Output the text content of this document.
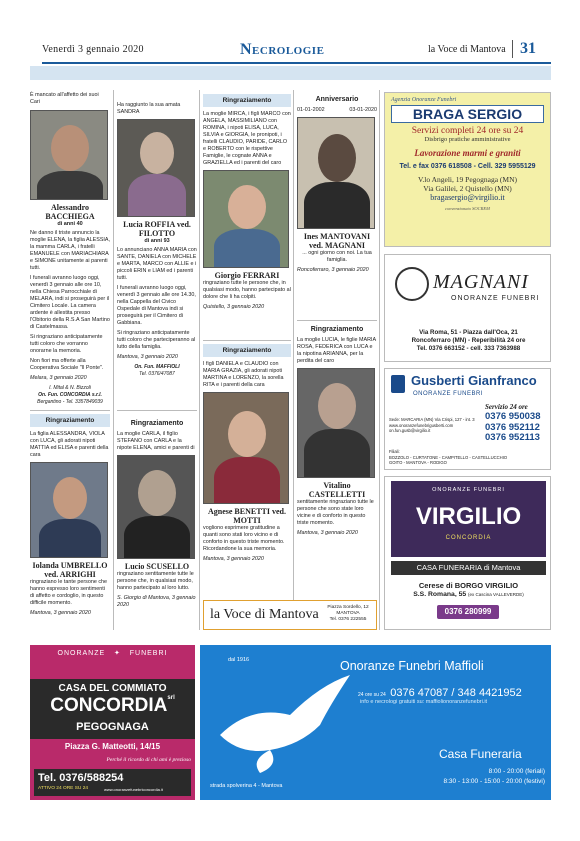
Venerdì 3 gennaio 2020	Necrologie	la Voce di Mantova 31

È mancato all'affetto dei suoi Cari

Alessandro BACCHIEGA
di anni 40

Ne danno il triste annuncio la moglie ELENA, la figlia ALESSIA, la mamma CARLA, i fratelli EMANUELE con MARIACHIARA e SIMONE unitamente ai parenti tutti.

I funerali avranno luogo oggi, venerdì 3 gennaio alle ore 10, nella Chiesa Parrocchiale di MELARA, indi si proseguirà per il Cimitero Locale. La camera ardente è allestita presso l'Obitorio della R.S.A San Martino di Castelmassa.

Si ringraziano anticipatamente tutti coloro che vorranno onorarne la memoria.

Non fiori ma offerte alla Cooperativa Sociale "Il Ponte".

Melara, 3 gennaio 2020

I. Mital & N. Bizzoli
On. Fun. CONCORDIA s.r.l.
Bergantino - Tel. 3357849039
Ringraziamento

La figlia ALESSANDRA, VIOLA con LUCA, gli adorati nipoti MATTIA ed ELISA e parenti della cara

Iolanda UMBRELLO ved. ARRIGHI

ringraziano le tante persone che hanno espresso loro sentimenti di affetto e cordoglio, in questo difficile momento.

Mantova, 3 gennaio 2020

Ha raggiunto la sua amata SANDRA

Lucia ROFFIA ved. FILOTTO
di anni 93

Lo annunciano ANNA MARIA con SANTE, DANIELA con MICHELE e MARTA, MARCO con ALLIE e i piccoli ERIN e LIAM ed i parenti tutti.

I funerali avranno luogo oggi, venerdì 3 gennaio alle ore 14.30, nella Cappella del Civico Ospedale di Mantova indi si proseguirà per il Cimitero di Gabbiana.

Si ringraziano anticipatamente tutti coloro che parteciperanno al lutto della famiglia.

Mantova, 3 gennaio 2020

On. Fun. MAFFIOLI
Tel. 0376/47087
Ringraziamento

La moglie CARLA, il figlio STEFANO con CARLA e la nipote ELENA, amici e parenti di

Lucio SCUSELLO

ringraziano sentitamente tutte le persone che, in qualsiasi modo, hanno partecipato al loro lutto.

S. Giorgio di Mantova, 3 gennaio 2020

Ringraziamento

La moglie MIRCA, i figli MARCO con ANGELA, MASSIMILIANO con ROMINA, i nipoti ELISA, LUCA, SILVIA e GIORGIA, le pronipoti, i fratelli CLAUDIO, PARIDE, CARLO e ROBERTO con le rispettive Famiglie, le cognate ANNA e GRAZIELLA ed i parenti del caro

Giorgio FERRARI

ringraziano tutte le persone che, in qualsiasi modo, hanno partecipato al dolore che li ha colpiti.

Quistello, 3 gennaio 2020

Ringraziamento

I figli DANIELA e CLAUDIO con MARIA GRAZIA, gli adorati nipoti MARTINA e LORENZO, la sorella RITA e i parenti della cara

Agnese BENETTI ved. MOTTI

vogliono esprimere gratitudine a quanti sono stati loro vicino e di conforto in questo triste momento. Ricordandone la sua memoria.

Mantova, 3 gennaio 2020

Anniversario
01-01-2002	03-01-2020
Ines MANTOVANI ved. MAGNANI

... ogni giorno con noi. La tua famiglia.

Roncoferraro, 3 gennaio 2020

Ringraziamento

La moglie LUCIA, le figlie MARIA ROSA, FEDERICA con LUCA e la nipotina ARIANNA, per la perdita del caro

Vitalino CASTELLETTI

sentitamente ringraziano tutte le persone che sono state loro vicine e di conforto in questo triste momento.

Mantova, 3 gennaio 2020

la Voce di Mantova	Piazza Sordello, 12
MANTOVA
Tel. 0376 222555
Agenzia Onoranze Funebri
BRAGA SERGIO
Servizi completi 24 ore su 24
Disbrigo pratiche amministrative
Lavorazione marmi e graniti
Tel. e fax 0376 618508 - Cell. 329 5955129
V.lo Angeli, 19 Pegognaga (MN)
Via Galilei, 2 Quistello (MN)
bragasergio@virgilio.it
convenzionato SOCREM
MAGNANI
ONORANZE FUNEBRI
Via Roma, 51 - Piazza dall'Oca, 21
Roncoferraro (MN) - Reperibilità 24 ore
Tel. 0376 663152 - cell. 333 7363988
Gusberti Gianfranco
ONORANZE FUNEBRI
Servizio 24 ore
0376 950038
0376 952112
0376 952113
Sede: MARCARIA (MN) Via Crispi, 127 - int. 3
www.onoranzefunebrigusberti.com
on.fun.gusb@virgilio.it
Filiali:
BOZZOLO - CURTATONE - CAMPITELLO - CASTELLUCCHIO
GOITO - MANTOVA - RODIGO
ONORANZE FUNEBRI
VIRGILIO
CONCORDIA
CASA FUNERARIA di Mantova
Cerese di BORGO VIRGILIO
S.S. Romana, 55 (ex Cascina VALLEVERDE)
0376 280999
ONORANZE   ✦   FUNEBRI
CASA DEL COMMIATO
$CONCORDIA^{srl}$
PEGOGNAGA
Piazza G. Matteotti, 14/15
Perché il ricordo di chi ami è prezioso
Tel. 0376/588254
ATTIVO 24 ORE SU 24	www.onoranzefunebriconcordia.it
dal 1916	Onoranze Funebri Maffioli
24 ore su 24 0376 47087 / 348 4421952
info e necrologi gratuiti su: maffiolionoranzefunebri.it
Casa Funeraria
8:00 - 20:00 (feriali)
8:30 - 13:00 - 15:00 - 20:00 (festivi)
strada spolverina 4 - Mantova
